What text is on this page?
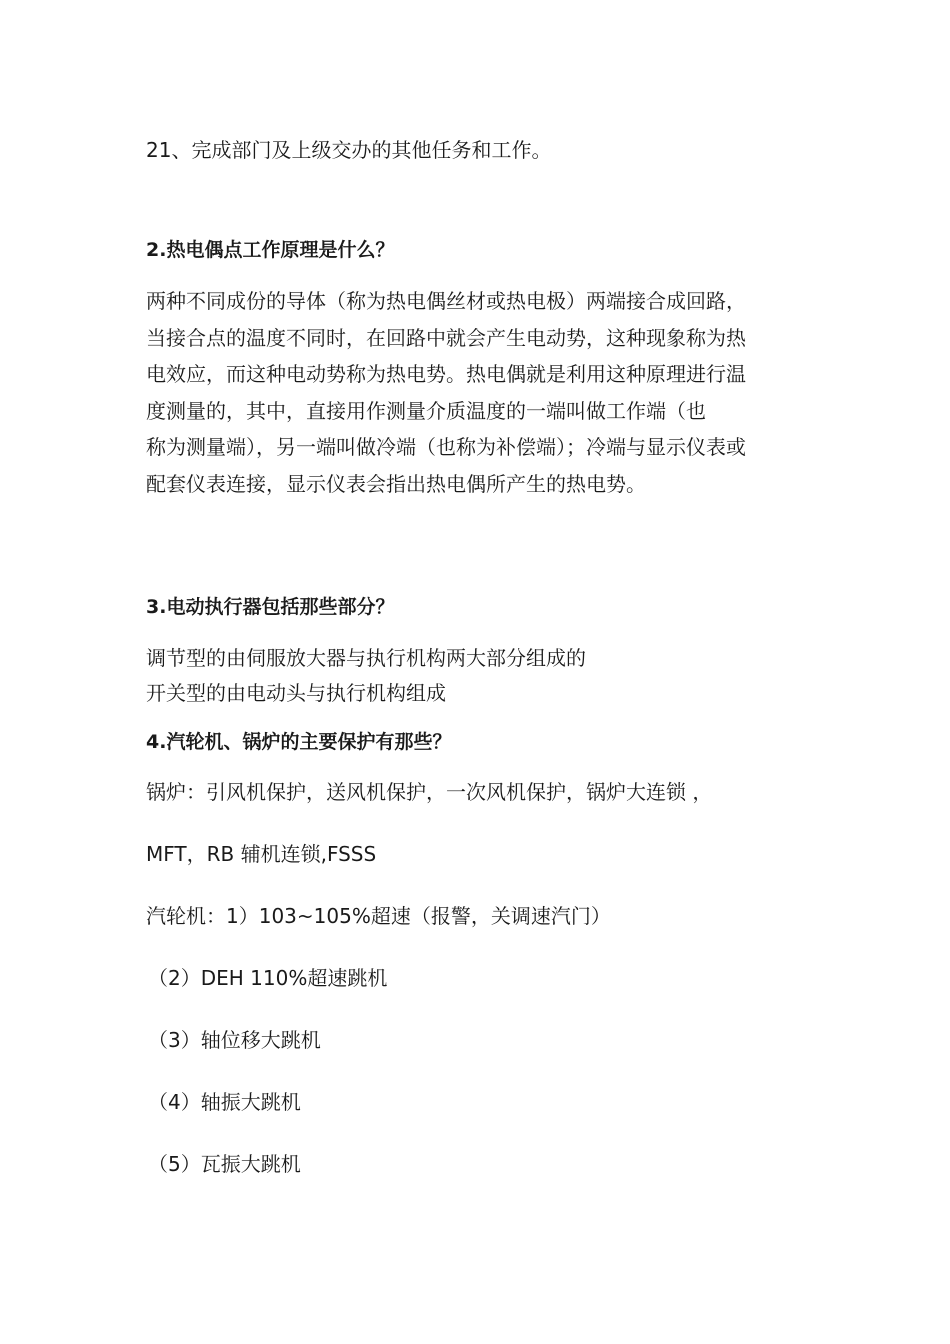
21、完成部门及上级交办的其他任务和工作。
2.热电偶点工作原理是什么？
两种不同成份的导体（称为热电偶丝材或热电极）两端接合成回路，
当接合点的温度不同时，在回路中就会产生电动势，这种现象称为热
电效应，而这种电动势称为热电势。热电偶就是利用这种原理进行温
度测量的，其中，直接用作测量介质温度的一端叫做工作端（也
称为测量端），另一端叫做冷端（也称为补偿端）；冷端与显示仪表或
配套仪表连接，显示仪表会指出热电偶所产生的热电势。
3.电动执行器包括那些部分？
调节型的由伺服放大器与执行机构两大部分组成的
开关型的由电动头与执行机构组成
4.汽轮机、锅炉的主要保护有那些？
锅炉：引风机保护，送风机保护，一次风机保护，锅炉大连锁 ，
MFT，RB 辅机连锁,FSSS
汽轮机：1）103~105%超速（报警，关调速汽门）
（2）DEH 110%超速跳机
（3）轴位移大跳机
（4）轴振大跳机
（5）瓦振大跳机
